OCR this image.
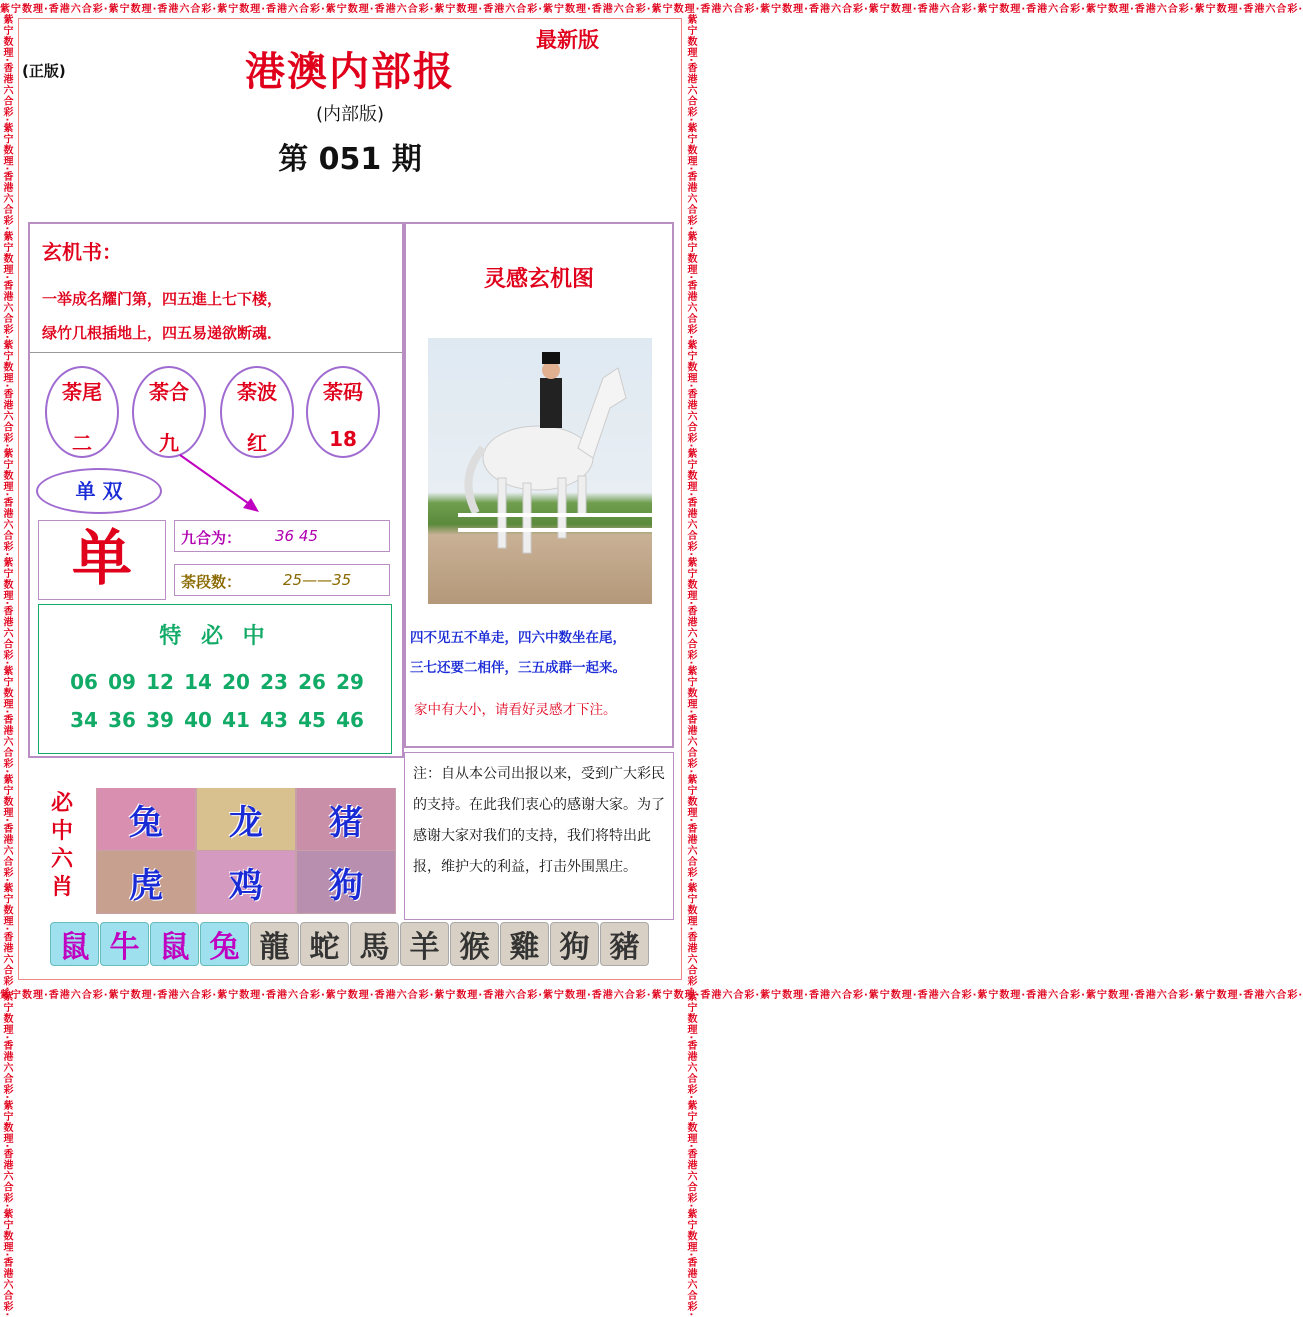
紫宁数理·香港六合彩·紫宁数理·香港六合彩·紫宁数理·香港六合彩·紫宁数理·香港六合彩·紫宁数理·香港六合彩·紫宁数理·香港六合彩·紫宁数理·香港六合彩·紫宁数理·香港六合彩·紫宁数理·香港六合彩·紫宁数理·香港六合彩·紫宁数理·香港六合彩·紫宁数理·香港六合彩·
紫宁数理·香港六合彩·紫宁数理·香港六合彩·紫宁数理·香港六合彩·紫宁数理·香港六合彩·紫宁数理·香港六合彩·紫宁数理·香港六合彩·紫宁数理·香港六合彩·紫宁数理·香港六合彩·紫宁数理·香港六合彩·紫宁数理·香港六合彩·紫宁数理·香港六合彩·紫宁数理·香港六合彩·
紫宁数理·香港六合彩·紫宁数理·香港六合彩·紫宁数理·香港六合彩·紫宁数理·香港六合彩·紫宁数理·香港六合彩·紫宁数理·香港六合彩·紫宁数理·香港六合彩·紫宁数理·香港六合彩·紫宁数理·香港六合彩·紫宁数理·香港六合彩·紫宁数理·香港六合彩·紫宁数理·香港六合彩·	紫宁数理·香港六合彩·紫宁数理·香港六合彩·紫宁数理·香港六合彩·紫宁数理·香港六合彩·紫宁数理·香港六合彩·紫宁数理·香港六合彩·紫宁数理·香港六合彩·紫宁数理·香港六合彩·紫宁数理·香港六合彩·紫宁数理·香港六合彩·紫宁数理·香港六合彩·紫宁数理·香港六合彩·
(正版)
最新版
港澳内部报
(内部版)
第 051 期
玄机书：
一举成名耀门第，四五進上七下楼，
绿竹几根插地上，四五易递欲断魂．
荼尾
二
荼合
九
荼波
红
荼码
18
单 双
单	九合为： 36 45
荼段数：	25——35
特 必 中
06 09 12 14 20 23 26 29
34 36 39 40 41 43 45 46
必
中
六
肖
兔	龙	猪
虎	鸡	狗
灵感玄机图
四不见五不单走，四六中数坐在尾，
三七还要二相伴，三五成群一起来。
家中有大小，请看好灵感才下注。
注：自从本公司出报以来，受到广大彩民的支持。在此我们衷心的感谢大家。为了感谢大家对我们的支持，我们将特出此报，维护大的利益，打击外围黑庄。
鼠 牛 鼠 兔 龍 蛇 馬 羊 猴 雞 狗 豬
